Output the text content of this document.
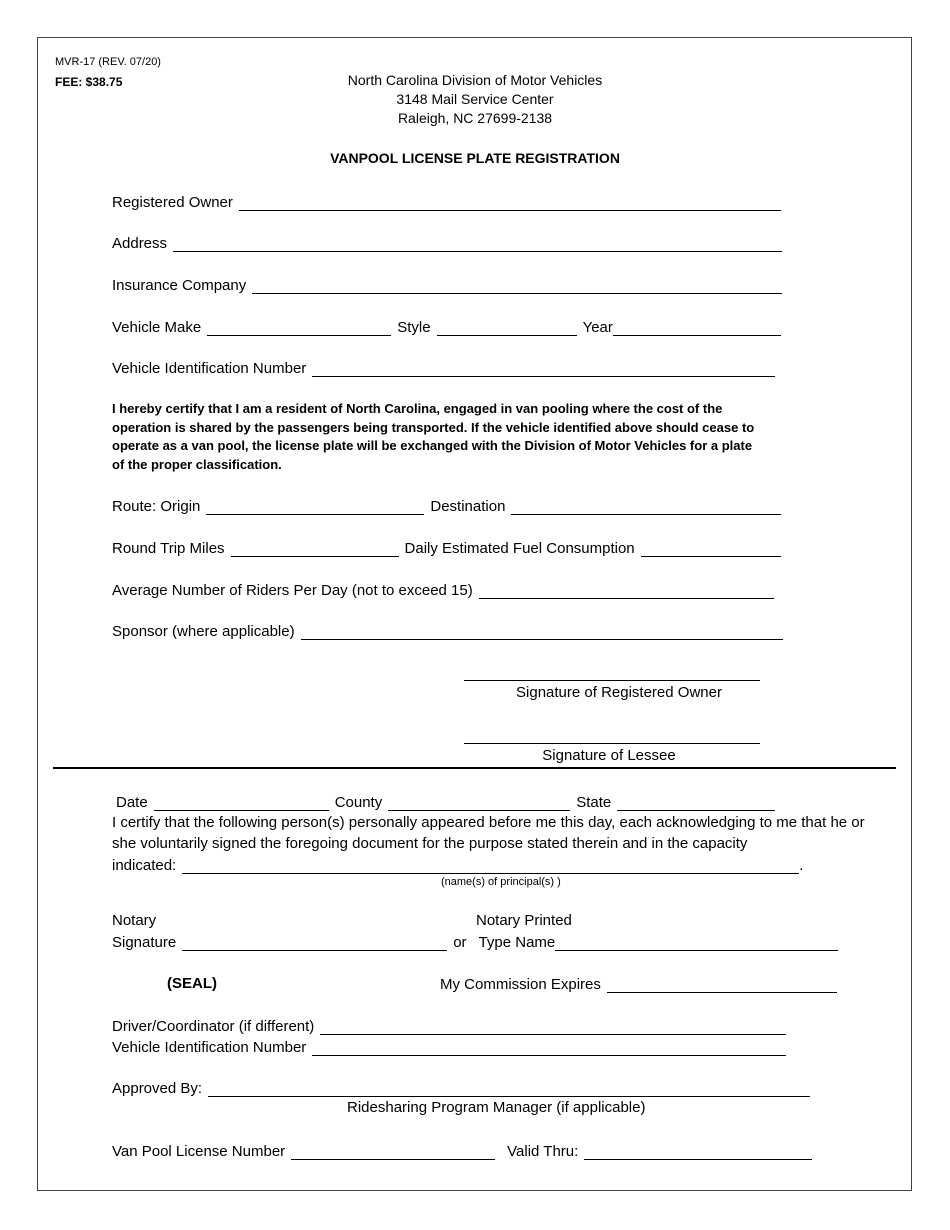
MVR-17 (REV. 07/20)
FEE: $38.75	North Carolina Division of Motor Vehicles
3148 Mail Service Center
Raleigh, NC 27699-2138
VANPOOL LICENSE PLATE REGISTRATION
Registered Owner
Address
Insurance Company
Vehicle Make	Style	Year
Vehicle Identification Number
I hereby certify that I am a resident of North Carolina, engaged in van pooling where the cost of the operation is shared by the passengers being transported. If the vehicle identified above should cease to operate as a van pool, the license plate will be exchanged with the Division of Motor Vehicles for a plate of the proper classification.
Route: Origin	Destination
Round Trip Miles	Daily Estimated Fuel Consumption
Average Number of Riders Per Day (not to exceed 15)
Sponsor (where applicable)
Signature of Registered Owner
Signature of Lessee
Date	County	State
I certify that the following person(s) personally appeared before me this day, each acknowledging to me that he or she voluntarily signed the foregoing document for the purpose stated therein and in the capacity
indicated:	.
(name(s) of principal(s) )
Notary	Notary Printed
Signature	or Type Name
(SEAL)	My Commission Expires
Driver/Coordinator (if different)
Vehicle Identification Number
Approved By:
Ridesharing Program Manager (if applicable)
Van Pool License Number	Valid Thru:
